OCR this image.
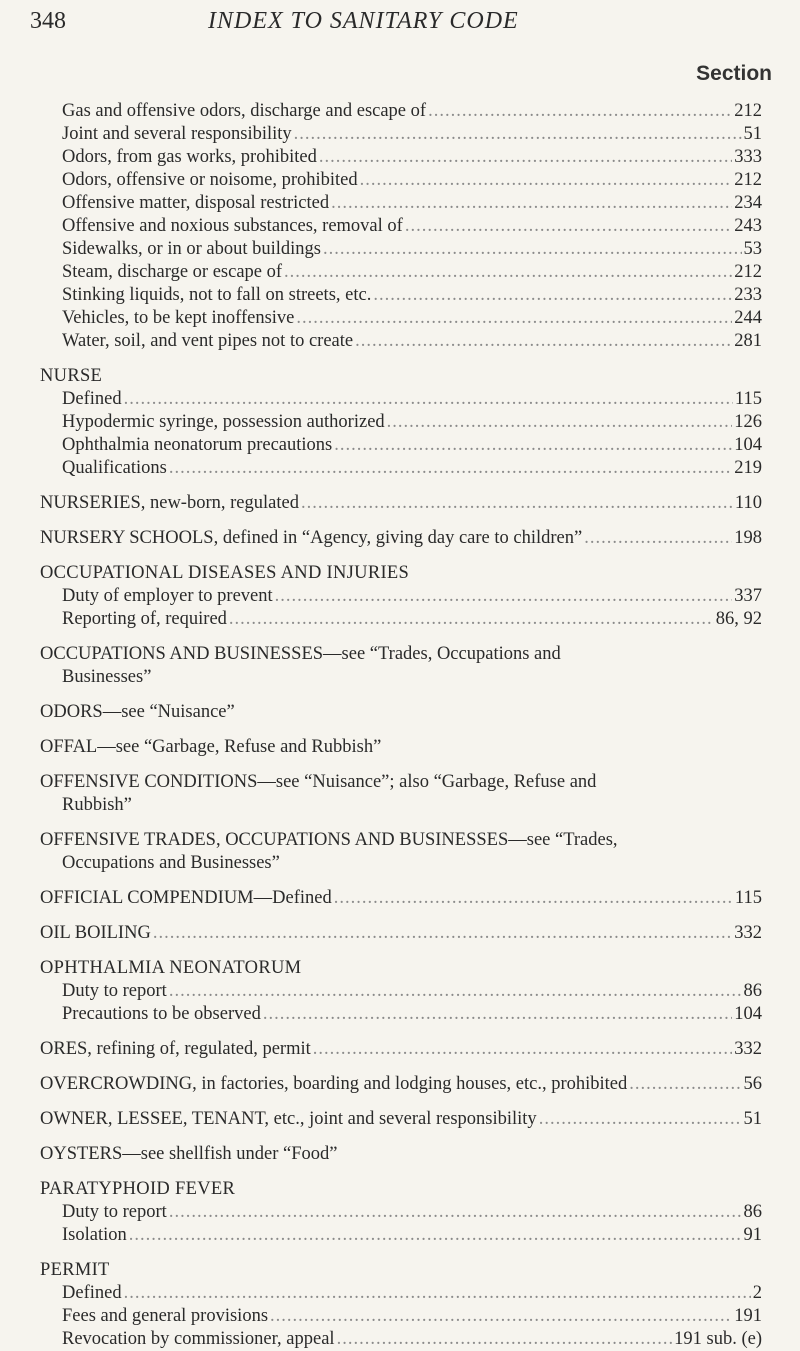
348	INDEX TO SANITARY CODE
Section
Gas and offensive odors, discharge and escape of .....	212
Joint and several responsibility .....	51
Odors, from gas works, prohibited .....	333
Odors, offensive or noisome, prohibited .....	212
Offensive matter, disposal restricted .....	234
Offensive and noxious substances, removal of .....	243
Sidewalks, or in or about buildings .....	53
Steam, discharge or escape of .....	212
Stinking liquids, not to fall on streets, etc. .....	233
Vehicles, to be kept inoffensive .....	244
Water, soil, and vent pipes not to create .....	281
NURSE
Defined .....	115
Hypodermic syringe, possession authorized .....	126
Ophthalmia neonatorum precautions .....	104
Qualifications .....	219
NURSERIES, new-born, regulated .....	110
NURSERY SCHOOLS, defined in “Agency, giving day care to children” .....	198
OCCUPATIONAL DISEASES AND INJURIES
Duty of employer to prevent .....	337
Reporting of, required .....	86, 92
OCCUPATIONS AND BUSINESSES—see “Trades, Occupations and
Businesses”
ODORS—see “Nuisance”
OFFAL—see “Garbage, Refuse and Rubbish”
OFFENSIVE CONDITIONS—see “Nuisance”; also “Garbage, Refuse and
Rubbish”
OFFENSIVE TRADES, OCCUPATIONS AND BUSINESSES—see “Trades,
Occupations and Businesses”
OFFICIAL COMPENDIUM—Defined .....	115
OIL BOILING .....	332
OPHTHALMIA NEONATORUM
Duty to report .....	86
Precautions to be observed .....	104
ORES, refining of, regulated, permit .....	332
OVERCROWDING, in factories, boarding and lodging houses, etc., prohibited .....	56
OWNER, LESSEE, TENANT, etc., joint and several responsibility .....	51
OYSTERS—see shellfish under “Food”
PARATYPHOID FEVER
Duty to report .....	86
Isolation .....	91
PERMIT
Defined .....	2
Fees and general provisions .....	191
Revocation by commissioner, appeal .....	191 sub. (e)
